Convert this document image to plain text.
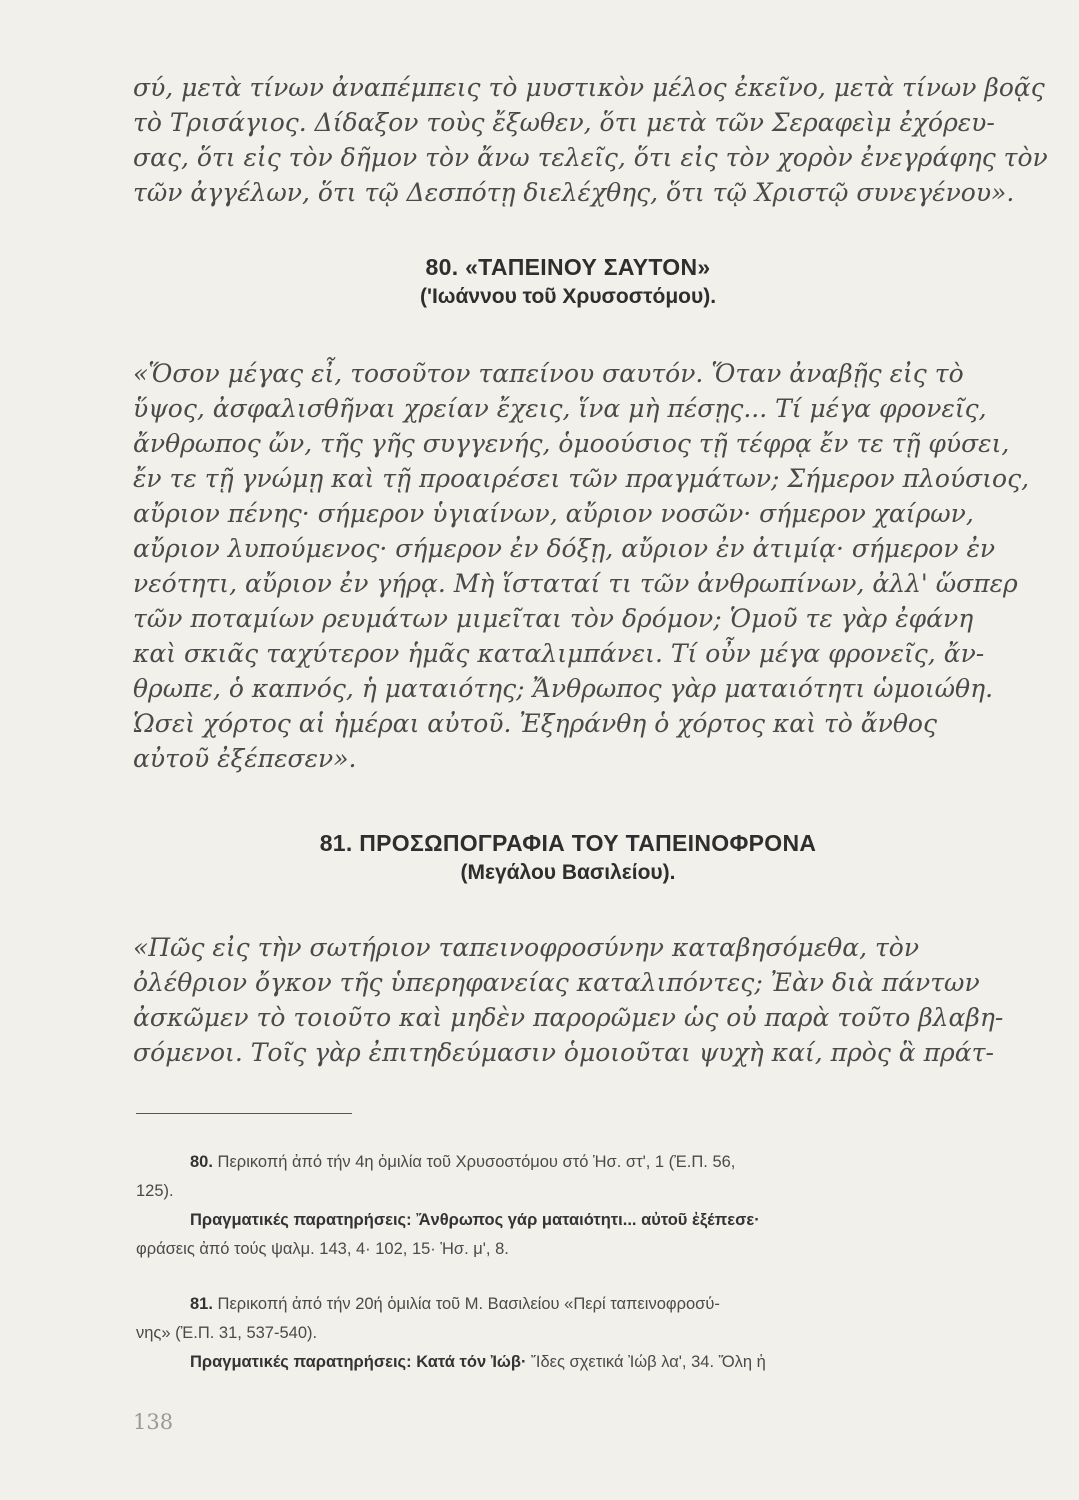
σύ, μετὰ τίνων ἀναπέμπεις τὸ μυστικὸν μέλος ἐκεῖνο, μετὰ τίνων βοᾷς
τὸ Τρισάγιος. Δίδαξον τοὺς ἔξωθεν, ὅτι μετὰ τῶν Σεραφεὶμ ἐχόρευ-
σας, ὅτι εἰς τὸν δῆμον τὸν ἄνω τελεῖς, ὅτι εἰς τὸν χορὸν ἐνεγράφης τὸν
τῶν ἀγγέλων, ὅτι τῷ Δεσπότῃ διελέχθης, ὅτι τῷ Χριστῷ συνεγένου».

80. «ΤΑΠΕΙΝΟΥ ΣΑΥΤΟΝ»
('Ιωάννου τοῦ Χρυσοστόμου).

«Ὅσον μέγας εἶ, τοσοῦτον ταπείνου σαυτόν. Ὅταν ἀναβῇς εἰς τὸ
ὕψος, ἀσφαλισθῆναι χρείαν ἔχεις, ἵνα μὴ πέσῃς... Τί μέγα φρονεῖς,
ἄνθρωπος ὤν, τῆς γῆς συγγενής, ὁμοούσιος τῇ τέφρᾳ ἔν τε τῇ φύσει,
ἔν τε τῇ γνώμῃ καὶ τῇ προαιρέσει τῶν πραγμάτων; Σήμερον πλούσιος,
αὔριον πένης· σήμερον ὑγιαίνων, αὔριον νοσῶν· σήμερον χαίρων,
αὔριον λυπούμενος· σήμερον ἐν δόξῃ, αὔριον ἐν ἀτιμίᾳ· σήμερον ἐν
νεότητι, αὔριον ἐν γήρᾳ. Μὴ ἵσταταί τι τῶν ἀνθρωπίνων, ἀλλ' ὥσπερ
τῶν ποταμίων ρευμάτων μιμεῖται τὸν δρόμον; Ὁμοῦ τε γὰρ ἐφάνη
καὶ σκιᾶς ταχύτερον ἡμᾶς καταλιμπάνει. Τί οὖν μέγα φρονεῖς, ἄν-
θρωπε, ὁ καπνός, ἡ ματαιότης; Ἄνθρωπος γὰρ ματαιότητι ὡμοιώθη.
Ὡσεὶ χόρτος αἱ ἡμέραι αὐτοῦ. Ἐξηράνθη ὁ χόρτος καὶ τὸ ἄνθος
αὐτοῦ ἐξέπεσεν».

81. ΠΡΟΣΩΠΟΓΡΑΦΙΑ ΤΟΥ ΤΑΠΕΙΝΟΦΡΟΝΑ
(Μεγάλου Βασιλείου).

«Πῶς εἰς τὴν σωτήριον ταπεινοφροσύνην καταβησόμεθα, τὸν
ὀλέθριον ὄγκον τῆς ὑπερηφανείας καταλιπόντες; Ἐὰν διὰ πάντων
ἀσκῶμεν τὸ τοιοῦτο καὶ μηδὲν παρορῶμεν ὡς οὐ παρὰ τοῦτο βλαβη-
σόμενοι. Τοῖς γὰρ ἐπιτηδεύμασιν ὁμοιοῦται ψυχὴ καί, πρὸς ἃ πράτ-

80. Περικοπή ἀπό τήν 4η ὁμιλία τοῦ Χρυσοστόμου στό Ἡσ. στ', 1 (Ἐ.Π. 56,
125).
Πραγματικές παρατηρήσεις: Ἄνθρωπος γάρ ματαιότητι... αὐτοῦ ἐξέπεσε·
φράσεις ἀπό τούς ψαλμ. 143, 4· 102, 15· Ἡσ. μ', 8.
81. Περικοπή ἀπό τήν 20ή ὁμιλία τοῦ Μ. Βασιλείου «Περί ταπεινοφροσύ-
νης» (Ἐ.Π. 31, 537-540).
Πραγματικές παρατηρήσεις: Κατά τόν Ἰώβ· Ἴδες σχετικά Ἰώβ λα', 34. Ὅλη ἡ
138
